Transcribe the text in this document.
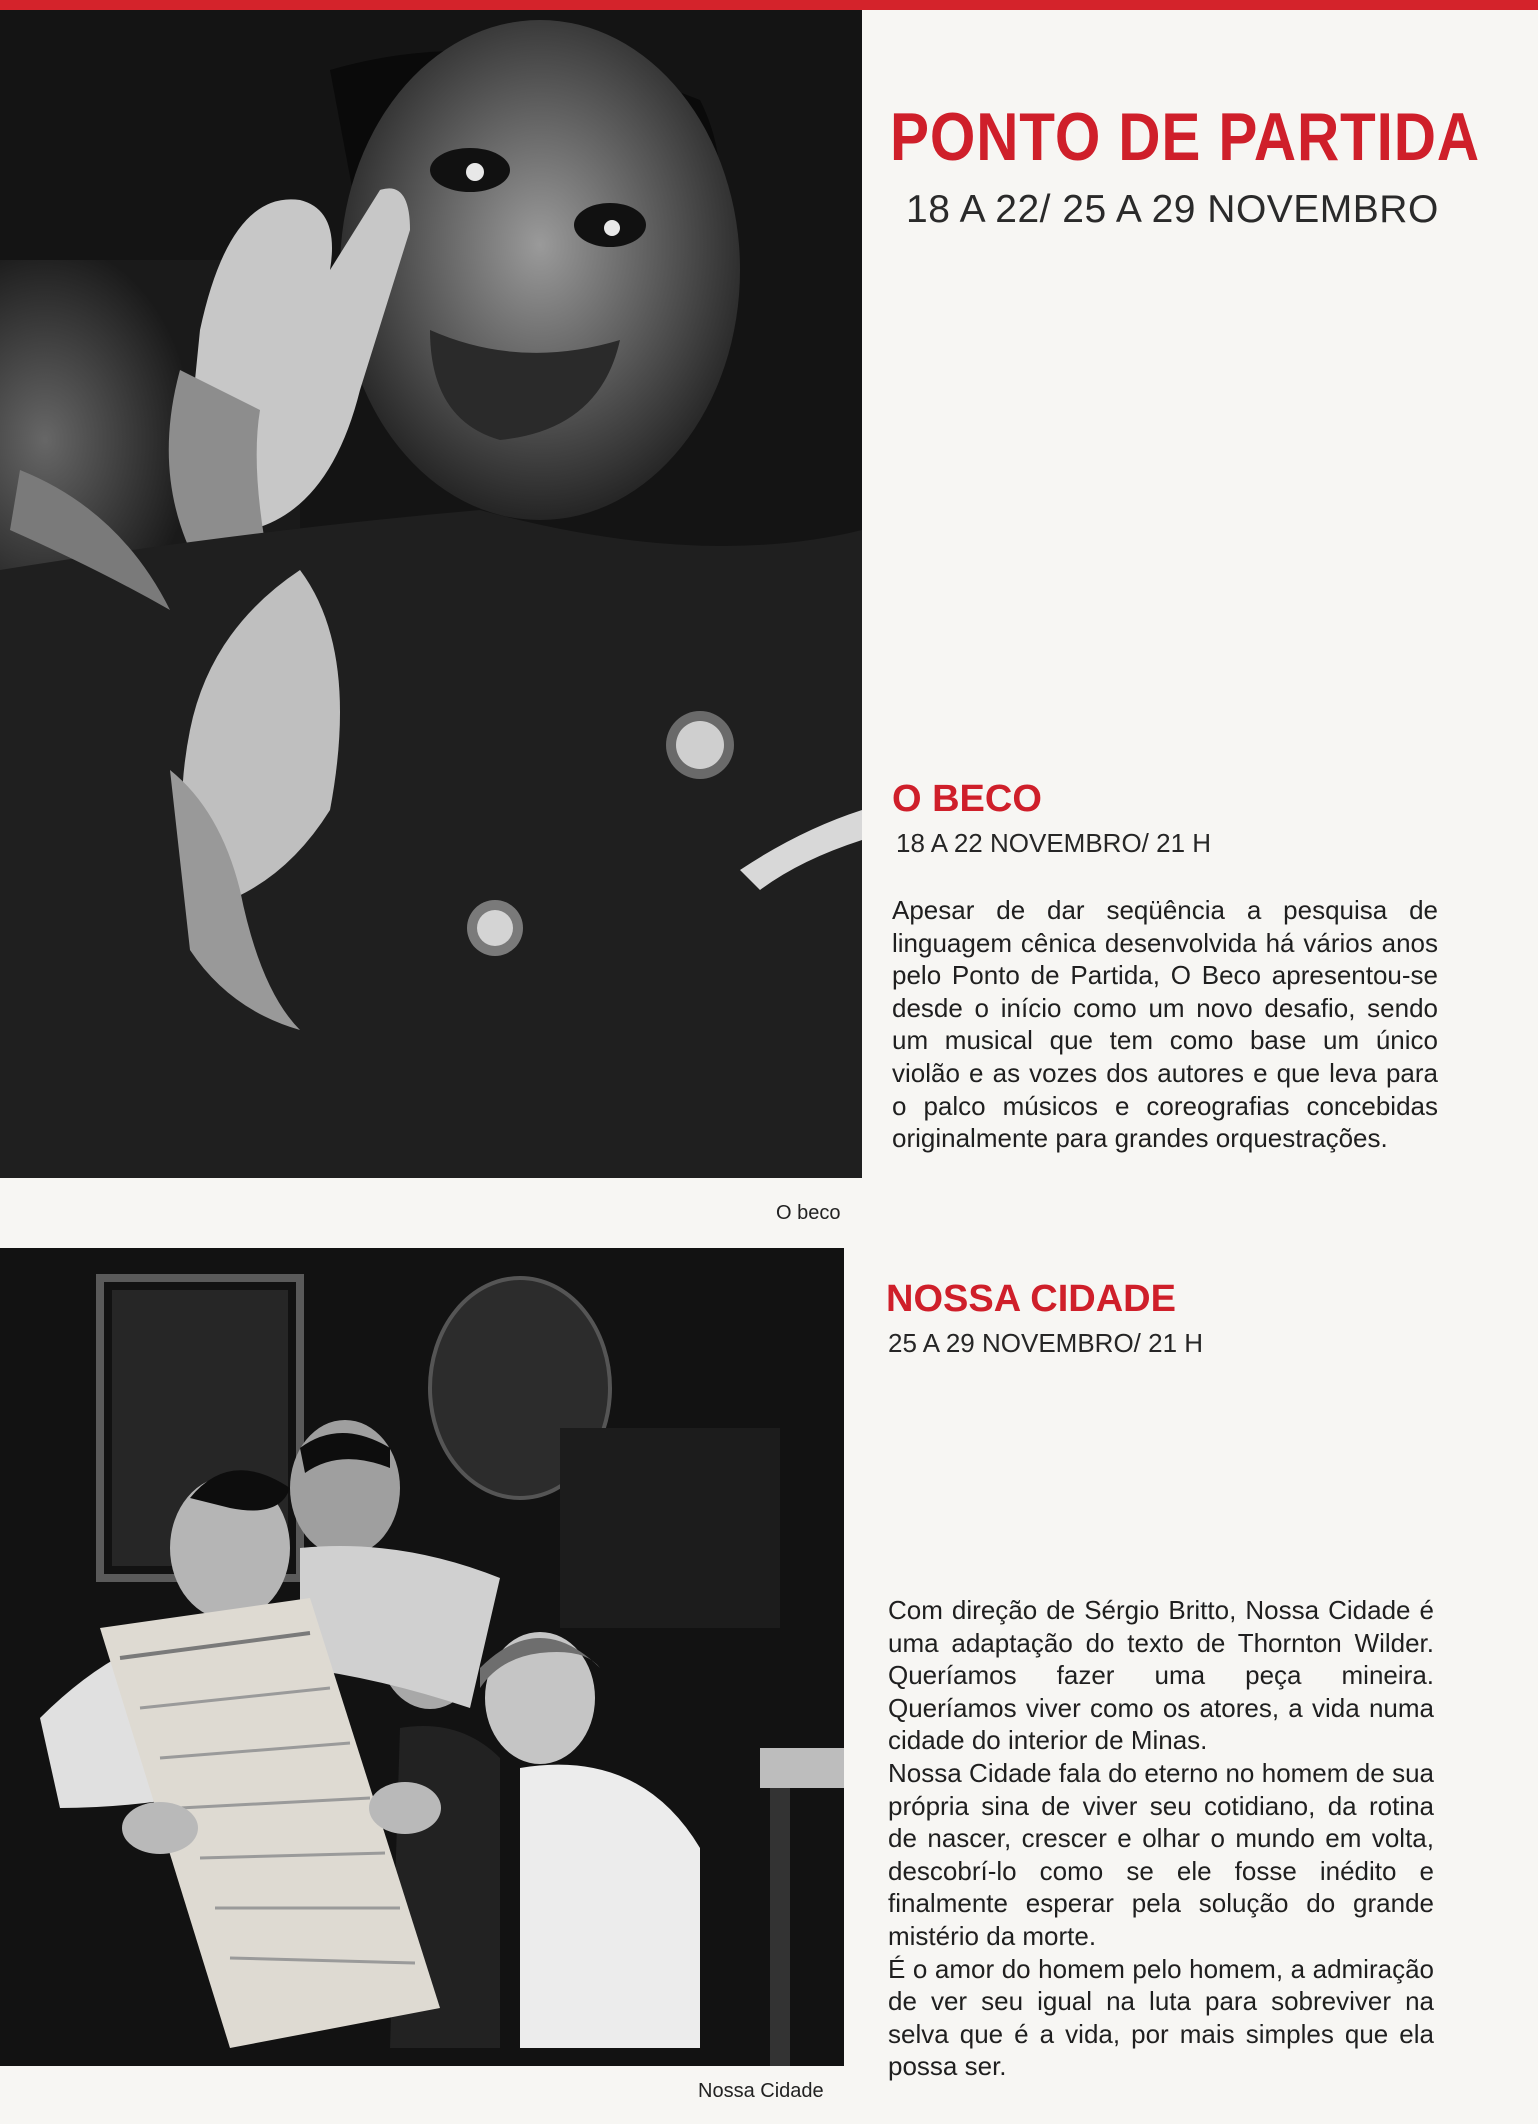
O beco
PONTO DE PARTIDA
18 A 22/ 25 A 29 NOVEMBRO
O BECO
18 A 22 NOVEMBRO/ 21 H
Apesar de dar seqüência a pesquisa de linguagem cênica desenvolvida há vários anos pelo Ponto de Partida, O Beco apresentou-se desde o início como um novo desafio, sendo um musical que tem como base um único violão e as vozes dos autores e que leva para o palco músicos e coreografias concebidas originalmente para grandes orquestrações.
Nossa Cidade
NOSSA CIDADE
25 A 29 NOVEMBRO/ 21 H
Com direção de Sérgio Britto, Nossa Cidade é uma adaptação do texto de Thornton Wilder. Queríamos fazer uma peça mineira. Queríamos viver como os atores, a vida numa cidade do interior de Minas.
Nossa Cidade fala do eterno no homem de sua própria sina de viver seu cotidiano, da rotina de nascer, crescer e olhar o mundo em volta, descobrí-lo como se ele fosse inédito e finalmente esperar pela solução do grande mistério da morte.
É o amor do homem pelo homem, a admiração de ver seu igual na luta para sobreviver na selva que é a vida, por mais simples que ela possa ser.
